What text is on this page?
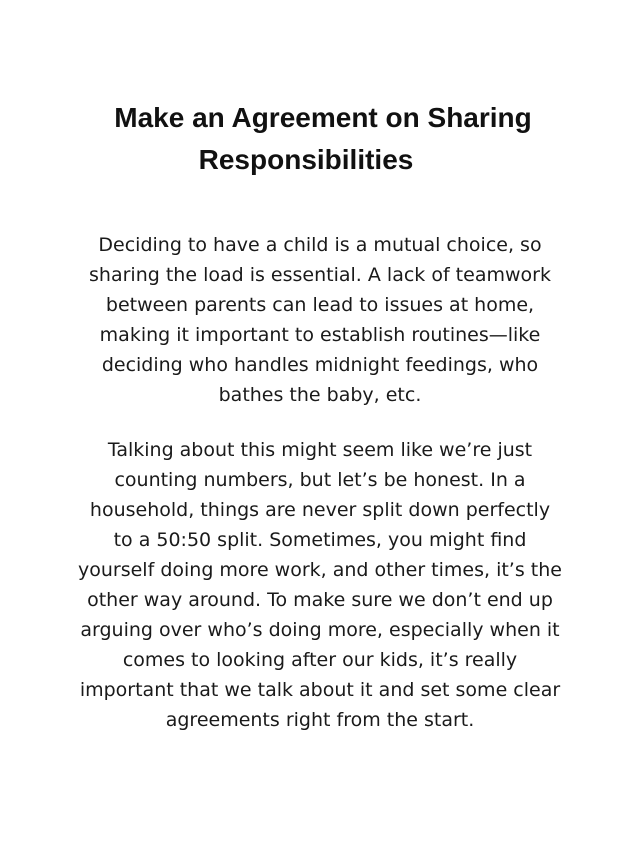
Make an Agreement on Sharing
Responsibilities
Deciding to have a child is a mutual choice, so
sharing the load is essential. A lack of teamwork
between parents can lead to issues at home,
making it important to establish routines—like
deciding who handles midnight feedings, who
bathes the baby, etc.
Talking about this might seem like we’re just
counting numbers, but let’s be honest. In a
household, things are never split down perfectly
to a 50:50 split. Sometimes, you might find
yourself doing more work, and other times, it’s the
other way around. To make sure we don’t end up
arguing over who’s doing more, especially when it
comes to looking after our kids, it’s really
important that we talk about it and set some clear
agreements right from the start.
